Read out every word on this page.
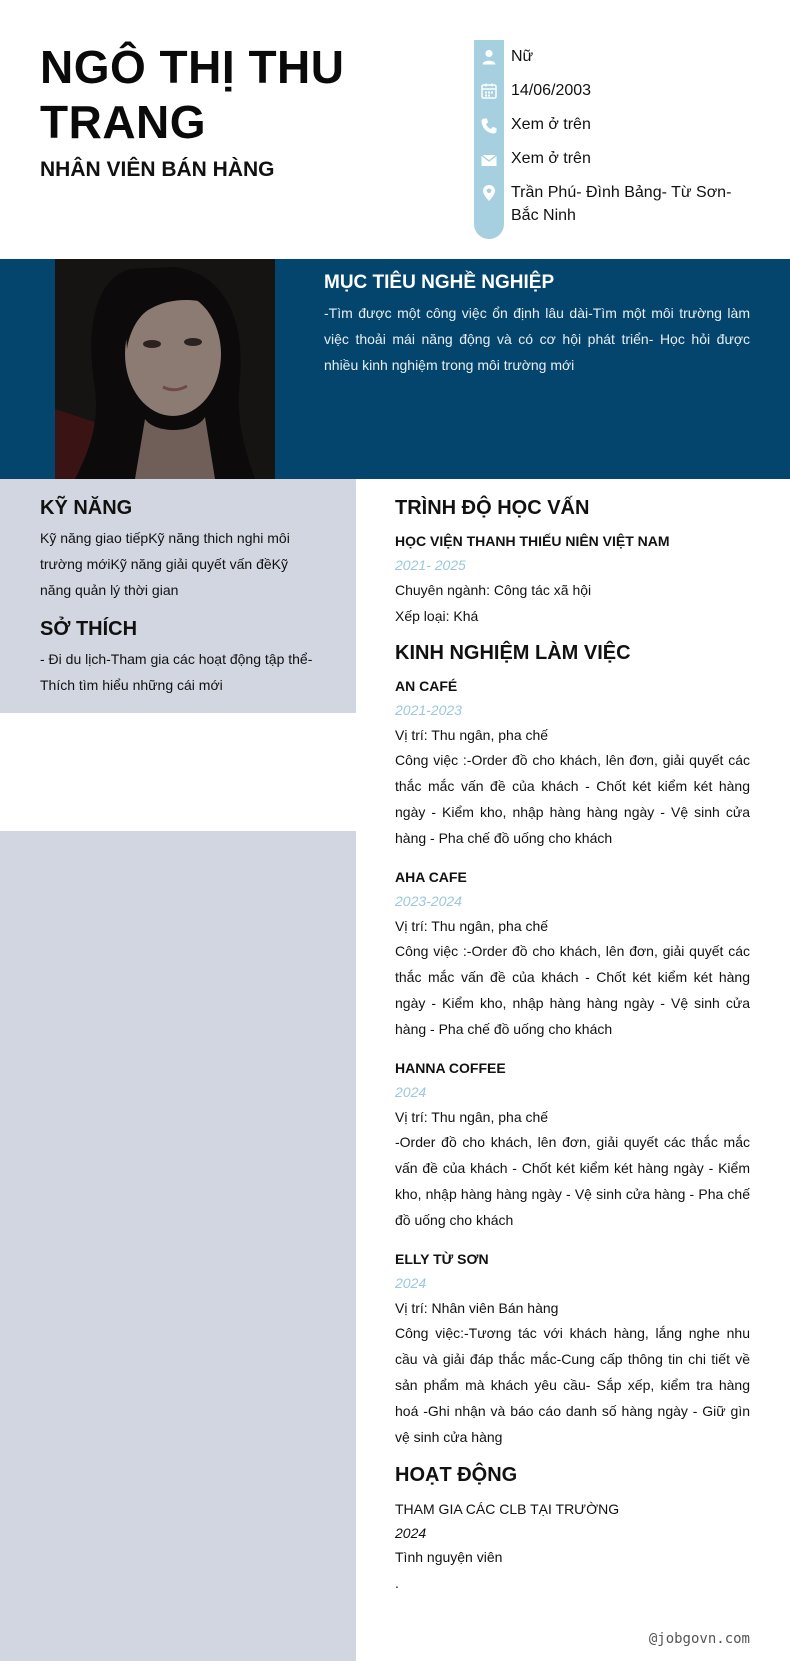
NGÔ THỊ THU TRANG
NHÂN VIÊN BÁN HÀNG
Nữ
14/06/2003
Xem ở trên
Xem ở trên
Trần Phú- Đình Bảng- Từ Sơn- Bắc Ninh
MỤC TIÊU NGHỀ NGHIỆP
-Tìm được một công việc ổn định lâu dài-Tìm một môi trường làm việc thoải mái năng động và có cơ hội phát triển- Học hỏi được nhiều kinh nghiệm trong môi trường mới
KỸ NĂNG
Kỹ năng giao tiếpKỹ năng thich nghi môi trường mớiKỹ năng giải quyết vấn đềKỹ năng quản lý thời gian
SỞ THÍCH
- Đi du lịch-Tham gia các hoạt động tập thể-Thích tìm hiểu những cái mới
TRÌNH ĐỘ HỌC VẤN
HỌC VIỆN THANH THIẾU NIÊN VIỆT NAM
2021- 2025
Chuyên ngành: Công tác xã hội
Xếp loại: Khá
KINH NGHIỆM LÀM VIỆC
AN CAFÉ
2021-2023
Vị trí: Thu ngân, pha chế
Công việc :-Order đồ cho khách, lên đơn, giải quyết các thắc mắc vấn đề của khách - Chốt két kiểm két hàng ngày - Kiểm kho, nhập hàng hàng ngày - Vệ sinh cửa hàng - Pha chế đồ uống cho khách
AHA CAFE
2023-2024
Vị trí: Thu ngân, pha chế
Công việc :-Order đồ cho khách, lên đơn, giải quyết các thắc mắc vấn đề của khách - Chốt két kiểm két hàng ngày - Kiểm kho, nhập hàng hàng ngày - Vệ sinh cửa hàng - Pha chế đồ uống cho khách
HANNA COFFEE
2024
Vị trí: Thu ngân, pha chế
-Order đồ cho khách, lên đơn, giải quyết các thắc mắc vấn đề của khách - Chốt két kiểm két hàng ngày - Kiểm kho, nhập hàng hàng ngày - Vệ sinh cửa hàng - Pha chế đồ uống cho khách
ELLY TỪ SƠN
2024
Vị trí: Nhân viên Bán hàng
Công việc:-Tương tác với khách hàng, lắng nghe nhu cầu và giải đáp thắc mắc-Cung cấp thông tin chi tiết về sản phẩm mà khách yêu cầu- Sắp xếp, kiểm tra hàng hoá -Ghi nhận và báo cáo danh số hàng ngày - Giữ gìn vệ sinh cửa hàng
HOẠT ĐỘNG
THAM GIA CÁC CLB TẠI TRƯỜNG
2024
Tình nguyện viên
.
@jobgovn.com
